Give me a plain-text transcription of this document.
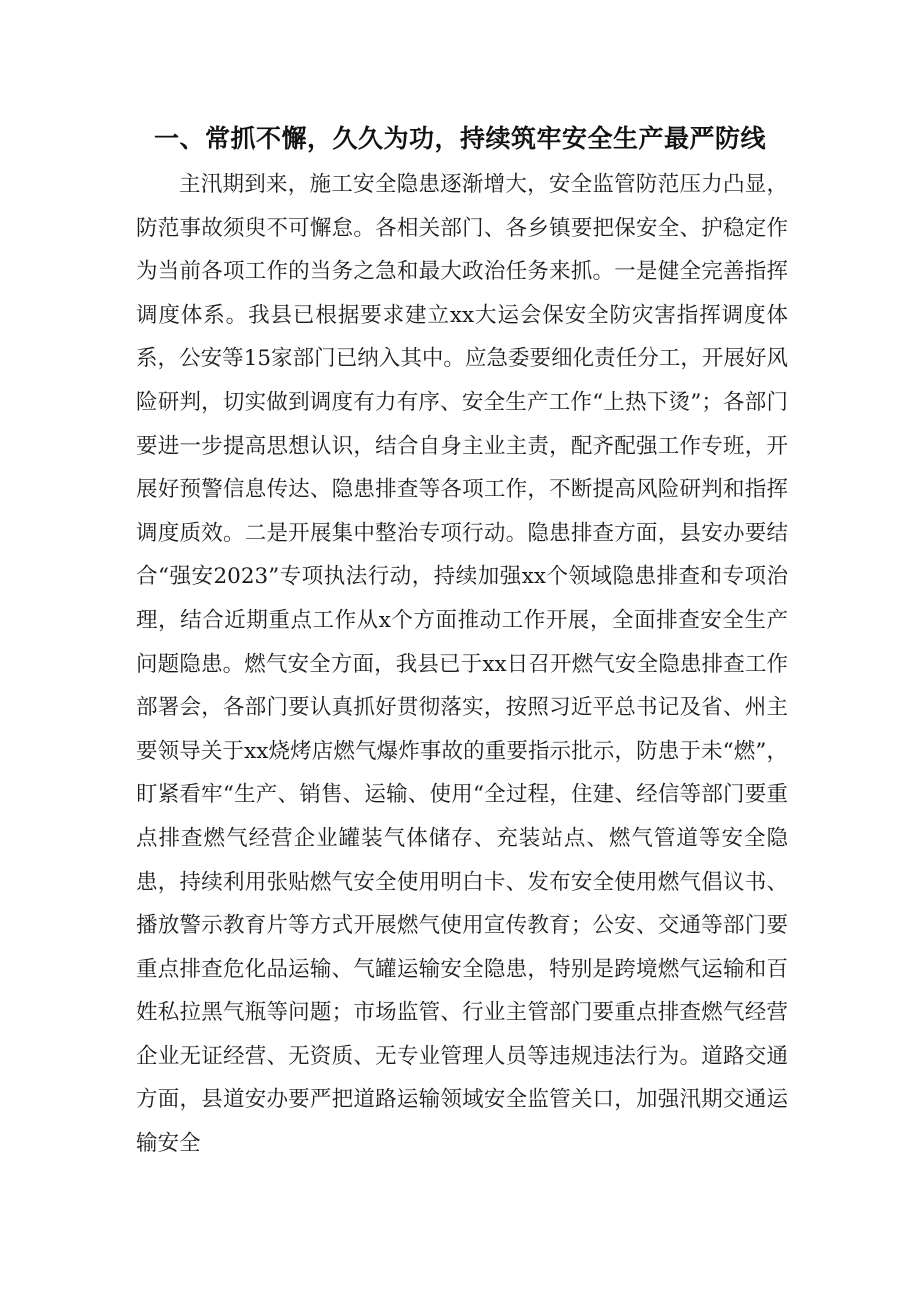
一、常抓不懈，久久为功，持续筑牢安全生产最严防线

主汛期到来，施工安全隐患逐渐增大，安全监管防范压力凸显，防范事故须臾不可懈怠。各相关部门、各乡镇要把保安全、护稳定作为当前各项工作的当务之急和最大政治任务来抓。一是健全完善指挥调度体系。我县已根据要求建立xx大运会保安全防灾害指挥调度体系，公安等15家部门已纳入其中。应急委要细化责任分工，开展好风险研判，切实做到调度有力有序、安全生产工作“上热下烫”；各部门要进一步提高思想认识，结合自身主业主责，配齐配强工作专班，开展好预警信息传达、隐患排查等各项工作，不断提高风险研判和指挥调度质效。二是开展集中整治专项行动。隐患排查方面，县安办要结合“强安2023”专项执法行动，持续加强xx个领域隐患排查和专项治理，结合近期重点工作从x个方面推动工作开展，全面排查安全生产问题隐患。燃气安全方面，我县已于xx日召开燃气安全隐患排查工作部署会，各部门要认真抓好贯彻落实，按照习近平总书记及省、州主要领导关于xx烧烤店燃气爆炸事故的重要指示批示，防患于未“燃”，盯紧看牢“生产、销售、运输、使用“全过程，住建、经信等部门要重点排查燃气经营企业罐装气体储存、充装站点、燃气管道等安全隐患，持续利用张贴燃气安全使用明白卡、发布安全使用燃气倡议书、播放警示教育片等方式开展燃气使用宣传教育；公安、交通等部门要重点排查危化品运输、气罐运输安全隐患，特别是跨境燃气运输和百姓私拉黑气瓶等问题；市场监管、行业主管部门要重点排查燃气经营企业无证经营、无资质、无专业管理人员等违规违法行为。道路交通方面，县道安办要严把道路运输领域安全监管关口，加强汛期交通运输安全
